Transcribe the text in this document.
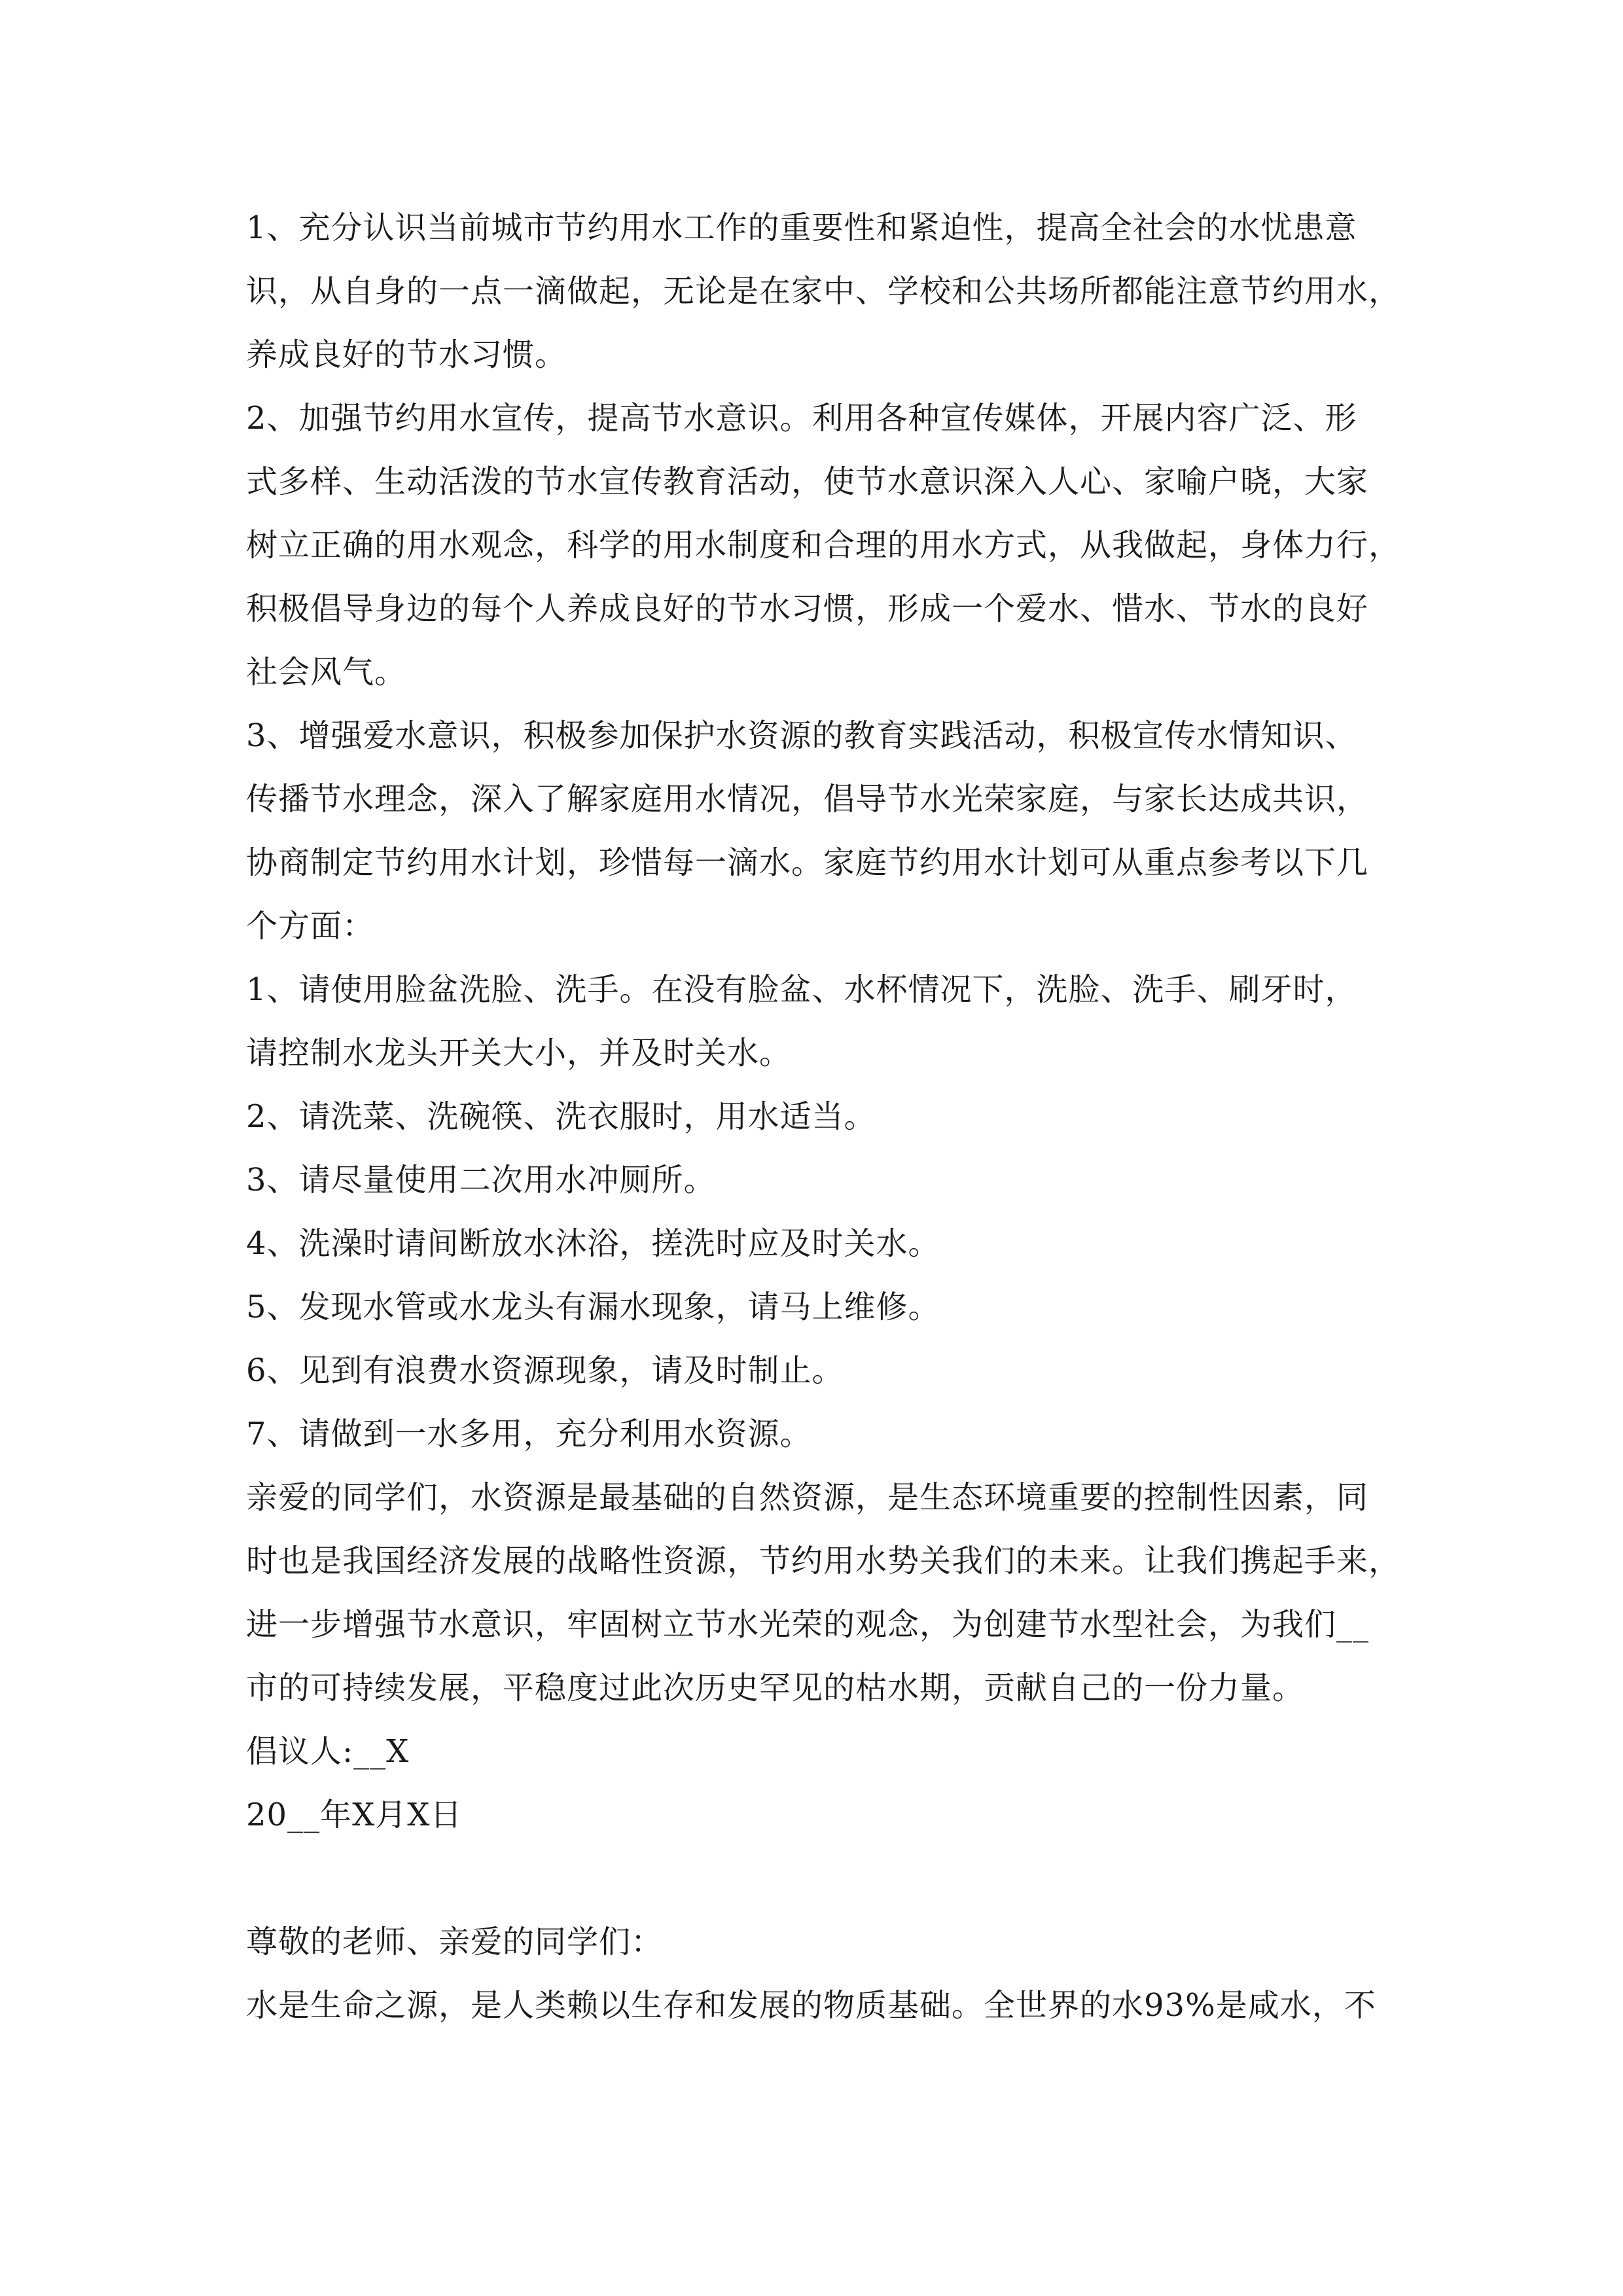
1、充分认识当前城市节约用水工作的重要性和紧迫性，提高全社会的水忧患意
识，从自身的一点一滴做起，无论是在家中、学校和公共场所都能注意节约用水，
养成良好的节水习惯。
2、加强节约用水宣传，提高节水意识。利用各种宣传媒体，开展内容广泛、形
式多样、生动活泼的节水宣传教育活动，使节水意识深入人心、家喻户晓，大家
树立正确的用水观念，科学的用水制度和合理的用水方式，从我做起，身体力行，
积极倡导身边的每个人养成良好的节水习惯，形成一个爱水、惜水、节水的良好
社会风气。
3、增强爱水意识，积极参加保护水资源的教育实践活动，积极宣传水情知识、
传播节水理念，深入了解家庭用水情况，倡导节水光荣家庭，与家长达成共识，
协商制定节约用水计划，珍惜每一滴水。家庭节约用水计划可从重点参考以下几
个方面：
1、请使用脸盆洗脸、洗手。在没有脸盆、水杯情况下，洗脸、洗手、刷牙时，
请控制水龙头开关大小，并及时关水。
2、请洗菜、洗碗筷、洗衣服时，用水适当。
3、请尽量使用二次用水冲厕所。
4、洗澡时请间断放水沐浴，搓洗时应及时关水。
5、发现水管或水龙头有漏水现象，请马上维修。
6、见到有浪费水资源现象，请及时制止。
7、请做到一水多用，充分利用水资源。
亲爱的同学们，水资源是最基础的自然资源，是生态环境重要的控制性因素，同
时也是我国经济发展的战略性资源，节约用水势关我们的未来。让我们携起手来，
进一步增强节水意识，牢固树立节水光荣的观念，为创建节水型社会，为我们__
市的可持续发展，平稳度过此次历史罕见的枯水期，贡献自己的一份力量。
倡议人:__X
20__年X月X日
尊敬的老师、亲爱的同学们：
水是生命之源，是人类赖以生存和发展的物质基础。全世界的水93%是咸水，不
